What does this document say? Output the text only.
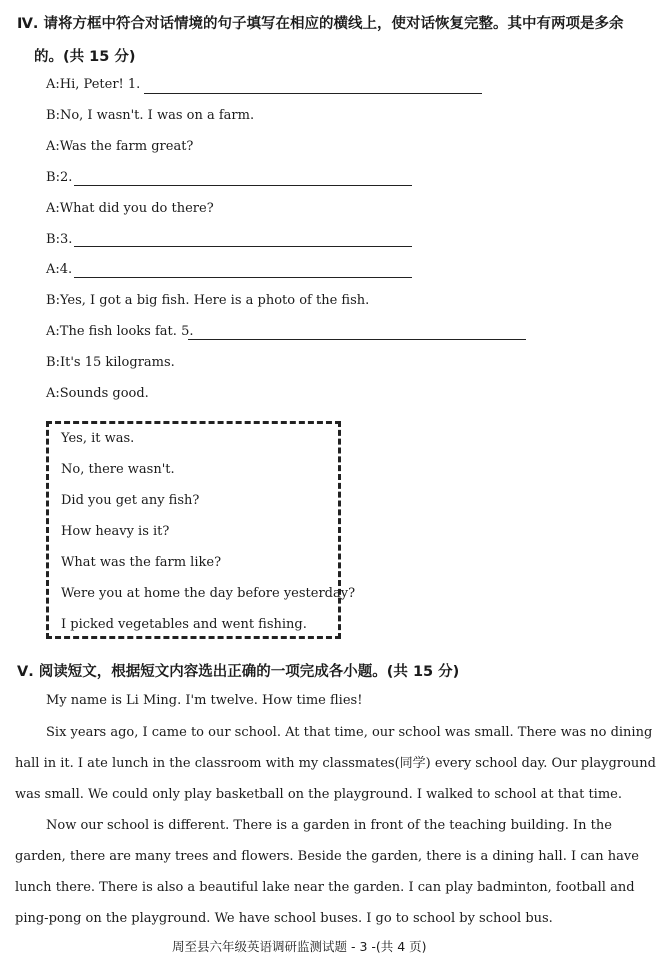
Ⅳ. 请将方框中符合对话情境的句子填写在相应的横线上，使对话恢复完整。其中有两项是多余
的。(共 15 分)
A:Hi, Peter! 1.
B:No, I wasn't. I was on a farm.
A:Was the farm great?
B:2.
A:What did you do there?
B:3.
A:4.
B:Yes, I got a big fish. Here is a photo of the fish.
A:The fish looks fat. 5.
B:It's 15 kilograms.
A:Sounds good.
Yes, it was.
No, there wasn't.
Did you get any fish?
How heavy is it?
What was the farm like?
Were you at home the day before yesterday?
I picked vegetables and went fishing.
Ⅴ. 阅读短文，根据短文内容选出正确的一项完成各小题。(共 15 分)
My name is Li Ming. I'm twelve. How time flies!
Six years ago, I came to our school. At that time, our school was small. There was no dining hall in it. I ate lunch in the classroom with my classmates(同学) every school day. Our playground was small. We could only play basketball on the playground. I walked to school at that time.
Now our school is different. There is a garden in front of the teaching building. In the garden, there are many trees and flowers. Beside the garden, there is a dining hall. I can have lunch there. There is also a beautiful lake near the garden. I can play badminton, football and ping-pong on the playground. We have school buses. I go to school by school bus.
周至县六年级英语调研监测试题 - 3 -(共 4 页)
